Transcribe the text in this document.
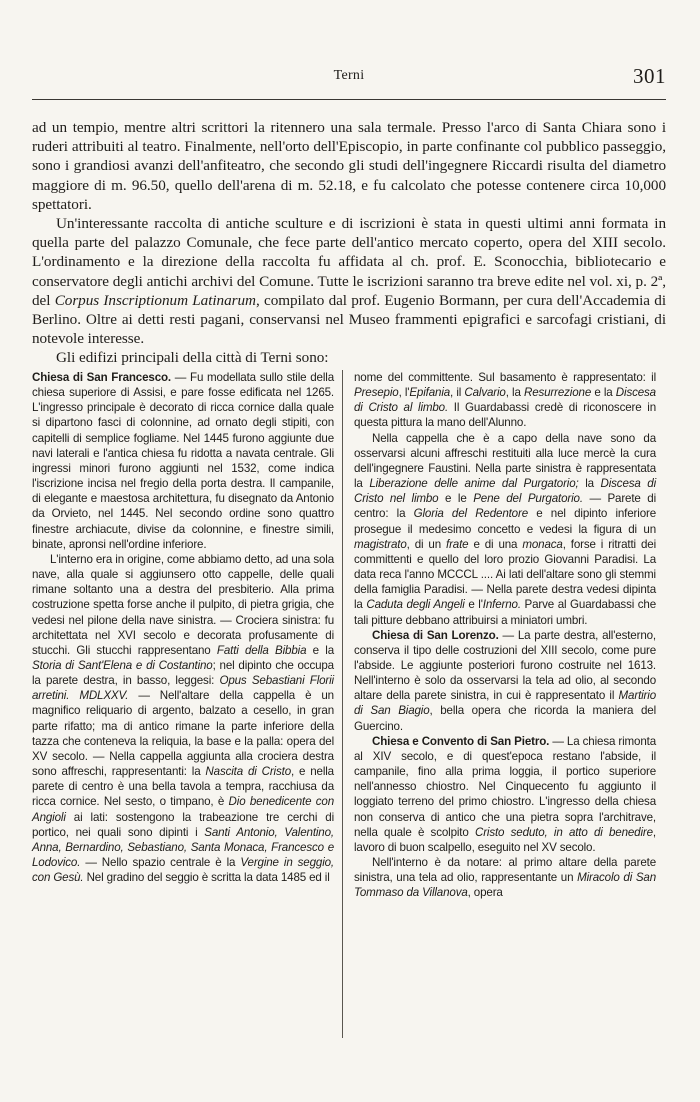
Terni	301

ad un tempio, mentre altri scrittori la ritennero una sala termale. Presso l'arco di Santa Chiara sono i ruderi attribuiti al teatro. Finalmente, nell'orto dell'Episcopio, in parte confinante col pubblico passeggio, sono i grandiosi avanzi dell'anfiteatro, che secondo gli studi dell'ingegnere Riccardi risulta del diametro maggiore di m. 96.50, quello dell'arena di m. 52.18, e fu calcolato che potesse contenere circa 10,000 spettatori.

Un'interessante raccolta di antiche sculture e di iscrizioni è stata in questi ultimi anni formata in quella parte del palazzo Comunale, che fece parte dell'antico mercato coperto, opera del XIII secolo. L'ordinamento e la direzione della raccolta fu affidata al ch. prof. E. Sconocchia, bibliotecario e conservatore degli antichi archivi del Comune. Tutte le iscrizioni saranno tra breve edite nel vol. xi, p. 2ª, del Corpus Inscriptionum Latinarum, compilato dal prof. Eugenio Bormann, per cura dell'Accademia di Berlino. Oltre ai detti resti pagani, conservansi nel Museo frammenti epigrafici e sarcofagi cristiani, di notevole interesse.

Gli edifizi principali della città di Terni sono:

Chiesa di San Francesco. — Fu modellata sullo stile della chiesa superiore di Assisi, e pare fosse edificata nel 1265. L'ingresso principale è decorato di ricca cornice dalla quale si dipartono fasci di colonnine, ad ornato degli stipiti, con capitelli di semplice fogliame. Nel 1445 furono aggiunte due navi laterali e l'antica chiesa fu ridotta a navata centrale. Gli ingressi minori furono aggiunti nel 1532, come indica l'iscrizione incisa nel fregio della porta destra. Il campanile, di elegante e maestosa architettura, fu disegnato da Antonio da Orvieto, nel 1445. Nel secondo ordine sono quattro finestre archiacute, divise da colonnine, e finestre simili, binate, apronsi nell'ordine inferiore.

L'interno era in origine, come abbiamo detto, ad una sola nave, alla quale si aggiunsero otto cappelle, delle quali rimane soltanto una a destra del presbiterio. Alla prima costruzione spetta forse anche il pulpito, di pietra grigia, che vedesi nel pilone della nave sinistra. — Crociera sinistra: fu architettata nel XVI secolo e decorata profusamente di stucchi. Gli stucchi rappresentano Fatti della Bibbia e la Storia di Sant'Elena e di Costantino; nel dipinto che occupa la parete destra, in basso, leggesi: Opus Sebastiani Florii arretini. MDLXXV. — Nell'altare della cappella è un magnifico reliquario di argento, balzato a cesello, in gran parte rifatto; ma di antico rimane la parte inferiore della tazza che conteneva la reliquia, la base e la palla: opera del XV secolo. — Nella cappella aggiunta alla crociera destra sono affreschi, rappresentanti: la Nascita di Cristo, e nella parete di centro è una bella tavola a tempra, racchiusa da ricca cornice. Nel sesto, o timpano, è Dio benedicente con Angioli ai lati: sostengono la trabeazione tre cerchi di portico, nei quali sono dipinti i Santi Antonio, Valentino, Anna, Bernardino, Sebastiano, Santa Monaca, Francesco e Lodovico. — Nello spazio centrale è la Vergine in seggio, con Gesù. Nel gradino del seggio è scritta la data 1485 ed il

nome del committente. Sul basamento è rappresentato: il Presepio, l'Epifania, il Calvario, la Resurrezione e la Discesa di Cristo al limbo. Il Guardabassi credè di riconoscere in questa pittura la mano dell'Alunno.

Nella cappella che è a capo della nave sono da osservarsi alcuni affreschi restituiti alla luce mercè la cura dell'ingegnere Faustini. Nella parte sinistra è rappresentata la Liberazione delle anime dal Purgatorio; la Discesa di Cristo nel limbo e le Pene del Purgatorio. — Parete di centro: la Gloria del Redentore e nel dipinto inferiore prosegue il medesimo concetto e vedesi la figura di un magistrato, di un frate e di una monaca, forse i ritratti dei committenti e quello del loro prozio Giovanni Paradisi. La data reca l'anno MCCCL .... Ai lati dell'altare sono gli stemmi della famiglia Paradisi. — Nella parete destra vedesi dipinta la Caduta degli Angeli e l'Inferno. Parve al Guardabassi che tali pitture debbano attribuirsi a miniatori umbri.

Chiesa di San Lorenzo. — La parte destra, all'esterno, conserva il tipo delle costruzioni del XIII secolo, come pure l'abside. Le aggiunte posteriori furono costruite nel 1613. Nell'interno è solo da osservarsi la tela ad olio, al secondo altare della parete sinistra, in cui è rappresentato il Martirio di San Biagio, bella opera che ricorda la maniera del Guercino.

Chiesa e Convento di San Pietro. — La chiesa rimonta al XIV secolo, e di quest'epoca restano l'abside, il campanile, fino alla prima loggia, il portico superiore nell'annesso chiostro. Nel Cinquecento fu aggiunto il loggiato terreno del primo chiostro. L'ingresso della chiesa non conserva di antico che una pietra sopra l'architrave, nella quale è scolpito Cristo seduto, in atto di benedire, lavoro di buon scalpello, eseguito nel XV secolo.

Nell'interno è da notare: al primo altare della parete sinistra, una tela ad olio, rappresentante un Miracolo di San Tommaso da Villanova, opera
